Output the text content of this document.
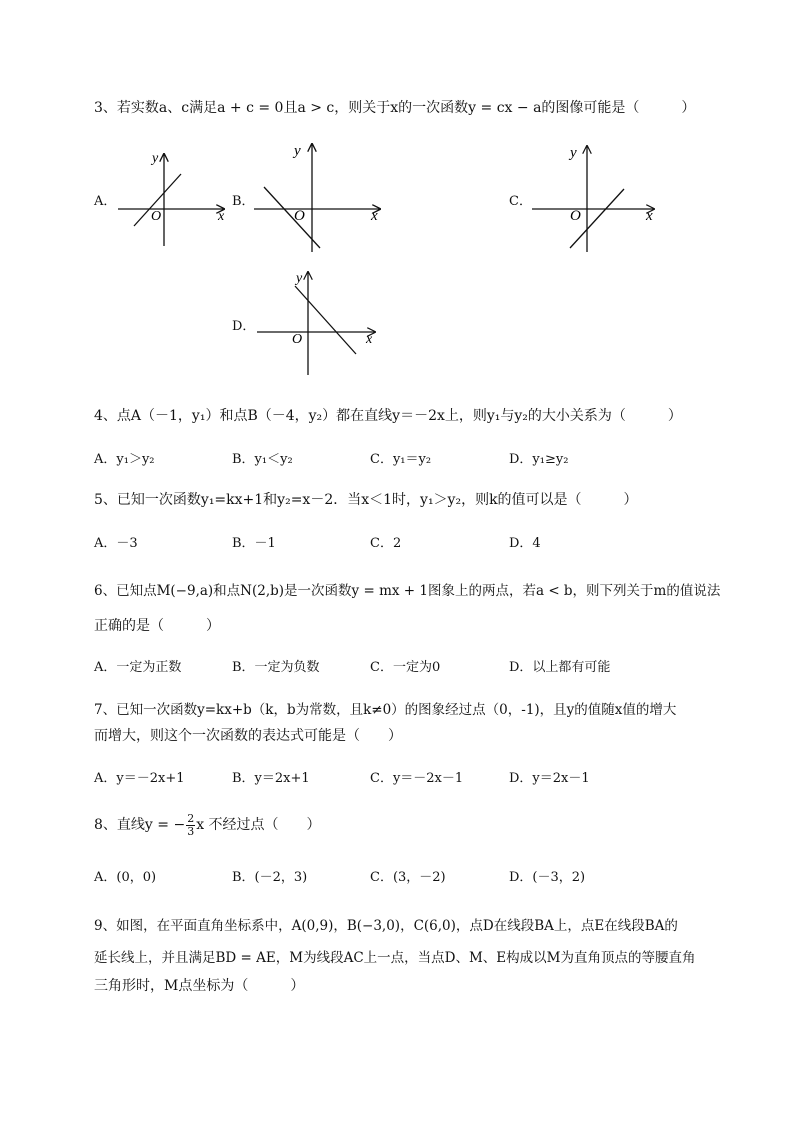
3、若实数a、c满足a + c = 0且a > c，则关于x的一次函数y = cx − a的图像可能是（　　　）
A．
y
x
O
B．
y
x
O
C．
y
x
O
D．
y
x
O
4、点A（－1，y₁）和点B（－4，y₂）都在直线y＝－2x上，则y₁与y₂的大小关系为（　　　）
A．y₁＞y₂	B．y₁＜y₂	C．y₁＝y₂	D．y₁≥y₂
5、已知一次函数y₁=kx+1和y₂=x－2．当x＜1时，y₁＞y₂，则k的值可以是（　　　）
A．－3	B．－1	C．2	D．4
6、已知点M(−9,a)和点N(2,b)是一次函数y = mx + 1图象上的两点，若a < b，则下列关于m的值说法
正确的是（　　　）
A．一定为正数	B．一定为负数	C．一定为0	D．以上都有可能
7、已知一次函数y=kx+b（k，b为常数，且k≠0）的图象经过点（0，-1)，且y的值随x值的增大
而增大，则这个一次函数的表达式可能是（　　）
A．y＝－2x+1	B．y＝2x+1	C．y＝－2x－1	D．y＝2x－1
8、直线y = − $\frac{2}{3}$ x 不经过点（　　）
A．(0，0)	B．(－2，3)	C．(3，－2)	D．(－3，2)
9、如图，在平面直角坐标系中，A(0,9)，B(−3,0)，C(6,0)，点D在线段BA上，点E在线段BA的
延长线上，并且满足BD = AE，M为线段AC上一点，当点D、M、E构成以M为直角顶点的等腰直角
三角形时，M点坐标为（　　　）
